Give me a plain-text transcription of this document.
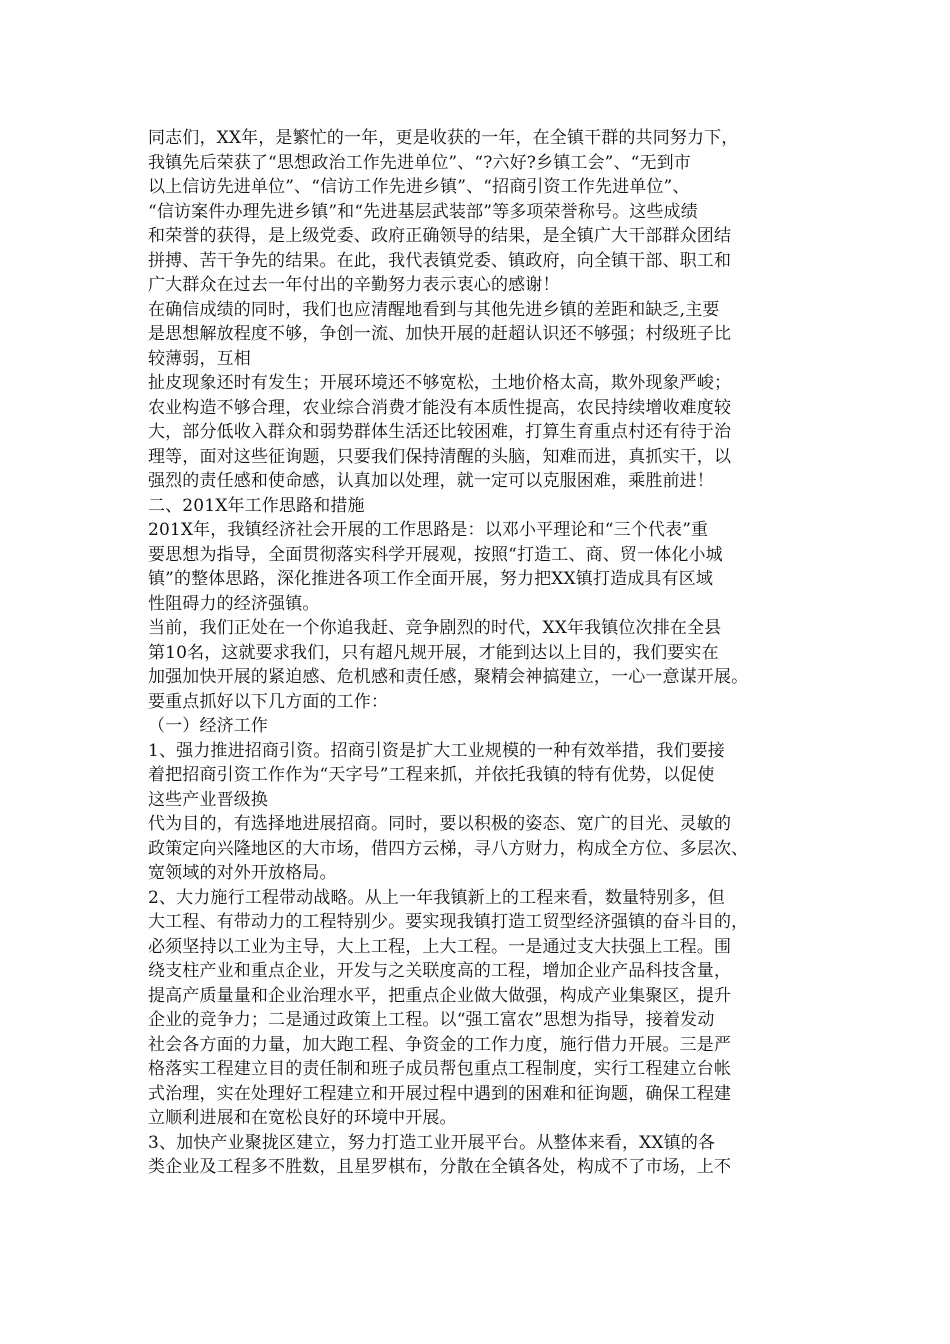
同志们，XX年，是繁忙的一年，更是收获的一年，在全镇干群的共同努力下，
我镇先后荣获了“思想政治工作先进单位”、“?六好?乡镇工会”、“无到市
以上信访先进单位”、“信访工作先进乡镇”、“招商引资工作先进单位”、
“信访案件办理先进乡镇”和“先进基层武装部”等多项荣誉称号。这些成绩
和荣誉的获得，是上级党委、政府正确领导的结果，是全镇广大干部群众团结
拼搏、苦干争先的结果。在此，我代表镇党委、镇政府，向全镇干部、职工和
广大群众在过去一年付出的辛勤努力表示衷心的感谢！
在确信成绩的同时，我们也应清醒地看到与其他先进乡镇的差距和缺乏,主要
是思想解放程度不够，争创一流、加快开展的赶超认识还不够强；村级班子比
较薄弱，互相
扯皮现象还时有发生；开展环境还不够宽松，土地价格太高，欺外现象严峻；
农业构造不够合理，农业综合消费才能没有本质性提高，农民持续增收难度较
大，部分低收入群众和弱势群体生活还比较困难，打算生育重点村还有待于治
理等，面对这些征询题，只要我们保持清醒的头脑，知难而进，真抓实干，以
强烈的责任感和使命感，认真加以处理，就一定可以克服困难，乘胜前进！
二、201X年工作思路和措施
201X年，我镇经济社会开展的工作思路是：以邓小平理论和“三个代表”重
要思想为指导，全面贯彻落实科学开展观，按照“打造工、商、贸一体化小城
镇”的整体思路，深化推进各项工作全面开展，努力把XX镇打造成具有区域
性阻碍力的经济强镇。
当前，我们正处在一个你追我赶、竞争剧烈的时代，XX年我镇位次排在全县
第10名，这就要求我们，只有超凡规开展，才能到达以上目的，我们要实在
加强加快开展的紧迫感、危机感和责任感，聚精会神搞建立，一心一意谋开展。
要重点抓好以下几方面的工作：
（一）经济工作
1、强力推进招商引资。招商引资是扩大工业规模的一种有效举措，我们要接
着把招商引资工作作为“天字号”工程来抓，并依托我镇的特有优势，以促使
这些产业晋级换
代为目的，有选择地进展招商。同时，要以积极的姿态、宽广的目光、灵敏的
政策定向兴隆地区的大市场，借四方云梯，寻八方财力，构成全方位、多层次、
宽领域的对外开放格局。
2、大力施行工程带动战略。从上一年我镇新上的工程来看，数量特别多，但
大工程、有带动力的工程特别少。要实现我镇打造工贸型经济强镇的奋斗目的，
必须坚持以工业为主导，大上工程，上大工程。一是通过支大扶强上工程。围
绕支柱产业和重点企业，开发与之关联度高的工程，增加企业产品科技含量，
提高产质量量和企业治理水平，把重点企业做大做强，构成产业集聚区，提升
企业的竞争力；二是通过政策上工程。以“强工富农”思想为指导，接着发动
社会各方面的力量，加大跑工程、争资金的工作力度，施行借力开展。三是严
格落实工程建立目的责任制和班子成员帮包重点工程制度，实行工程建立台帐
式治理，实在处理好工程建立和开展过程中遇到的困难和征询题，确保工程建
立顺利进展和在宽松良好的环境中开展。
3、加快产业聚拢区建立，努力打造工业开展平台。从整体来看，XX镇的各
类企业及工程多不胜数，且星罗棋布，分散在全镇各处，构成不了市场，上不
